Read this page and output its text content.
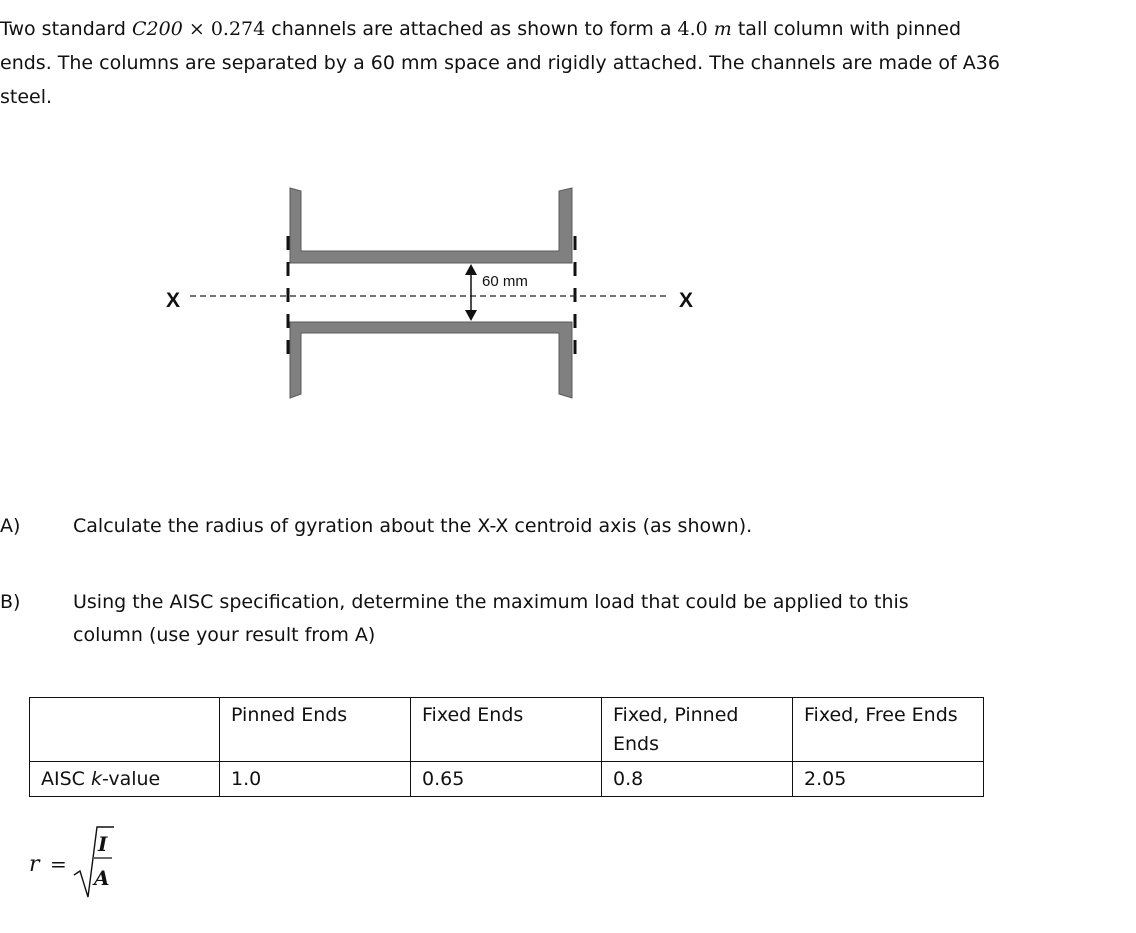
Two standard C200 × 0.274 channels are attached as shown to form a 4.0 m tall column with pinned ends. The columns are separated by a 60 mm space and rigidly attached. The channels are made of A36 steel.

X	X
60 mm
A)	Calculate the radius of gyration about the X-X centroid axis (as shown).
B)	Using the AISC specification, determine the maximum load that could be applied to this column (use your result from A)
	Pinned Ends	Fixed Ends	Fixed, Pinned Ends	Fixed, Free Ends
AISC k-value	1.0	0.65	0.8	2.05
r =
I
A
